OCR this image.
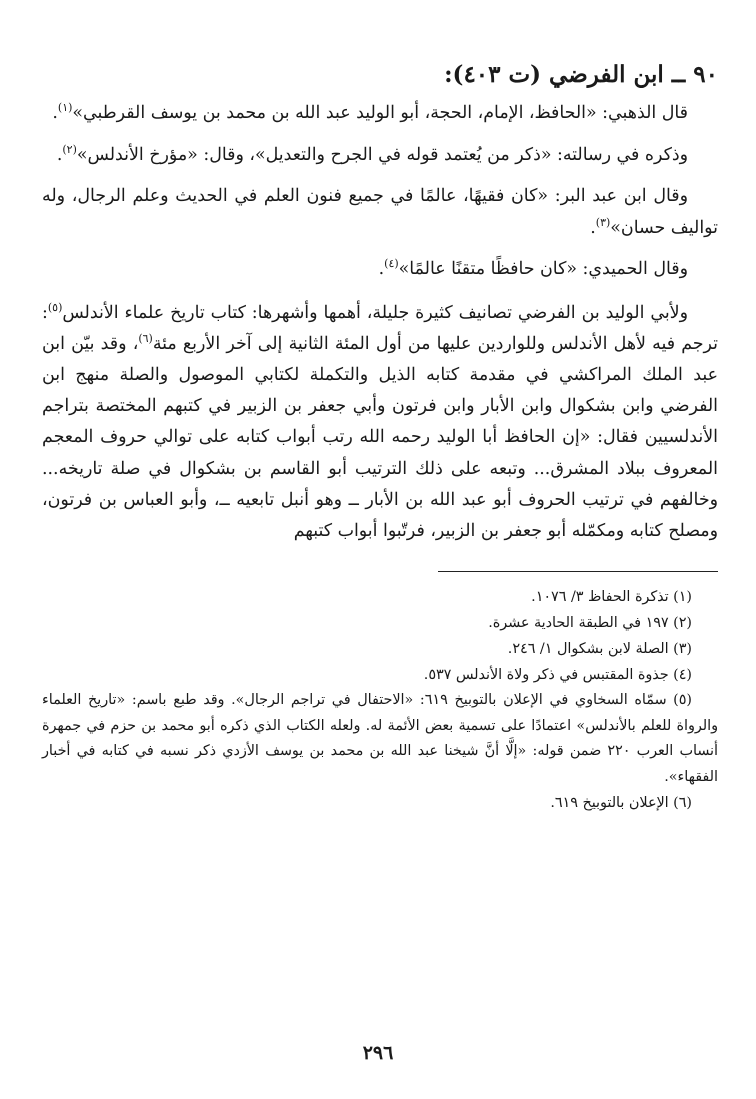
٩٠ ــ ابن الفرضي (ت ٤٠٣):

قال الذهبي: «الحافظ، الإمام، الحجة، أبو الوليد عبد الله بن محمد بن يوسف القرطبي»$^{(١)}$.

وذكره في رسالته: «ذكر من يُعتمد قوله في الجرح والتعديل»، وقال: «مؤرخ الأندلس»$^{(٢)}$.

وقال ابن عبد البر: «كان فقيهًا، عالمًا في جميع فنون العلم في الحديث وعلم الرجال، وله تواليف حسان»$^{(٣)}$.

وقال الحميدي: «كان حافظًا متقنًا عالمًا»$^{(٤)}$.

ولأبي الوليد بن الفرضي تصانيف كثيرة جليلة، أهمها وأشهرها: كتاب تاريخ علماء الأندلس$^{(٥)}$: ترجم فيه لأهل الأندلس وللواردين عليها من أول المئة الثانية إلى آخر الأربع مئة$^{(٦)}$، وقد بيّن ابن عبد الملك المراكشي في مقدمة كتابه الذيل والتكملة لكتابي الموصول والصلة منهج ابن الفرضي وابن بشكوال وابن الأبار وابن فرتون وأبي جعفر بن الزبير في كتبهم المختصة بتراجم الأندلسيين فقال: «إن الحافظ أبا الوليد رحمه الله رتب أبواب كتابه على توالي حروف المعجم المعروف ببلاد المشرق... وتبعه على ذلك الترتيب أبو القاسم بن بشكوال في صلة تاريخه... وخالفهم في ترتيب الحروف أبو عبد الله بن الأبار ــ وهو أنبل تابعيه ــ، وأبو العباس بن فرتون، ومصلح كتابه ومكمّله أبو جعفر بن الزبير، فرتّبوا أبواب كتبهم

(١) تذكرة الحفاظ ٣/ ١٠٧٦.

(٢) ١٩٧ في الطبقة الحادية عشرة.

(٣) الصلة لابن بشكوال ١/ ٢٤٦.

(٤) جذوة المقتبس في ذكر ولاة الأندلس ٥٣٧.

(٥) سمّاه السخاوي في الإعلان بالتوبيخ ٦١٩: «الاحتفال في تراجم الرجال». وقد طبع باسم: «تاريخ العلماء والرواة للعلم بالأندلس» اعتمادًا على تسمية بعض الأئمة له. ولعله الكتاب الذي ذكره أبو محمد بن حزم في جمهرة أنساب العرب ٢٢٠ ضمن قوله: «إلَّا أنَّ شيخنا عبد الله بن محمد بن يوسف الأزدي ذكر نسبه في كتابه في أخبار الفقهاء».

(٦) الإعلان بالتوبيخ ٦١٩.

٢٩٦
